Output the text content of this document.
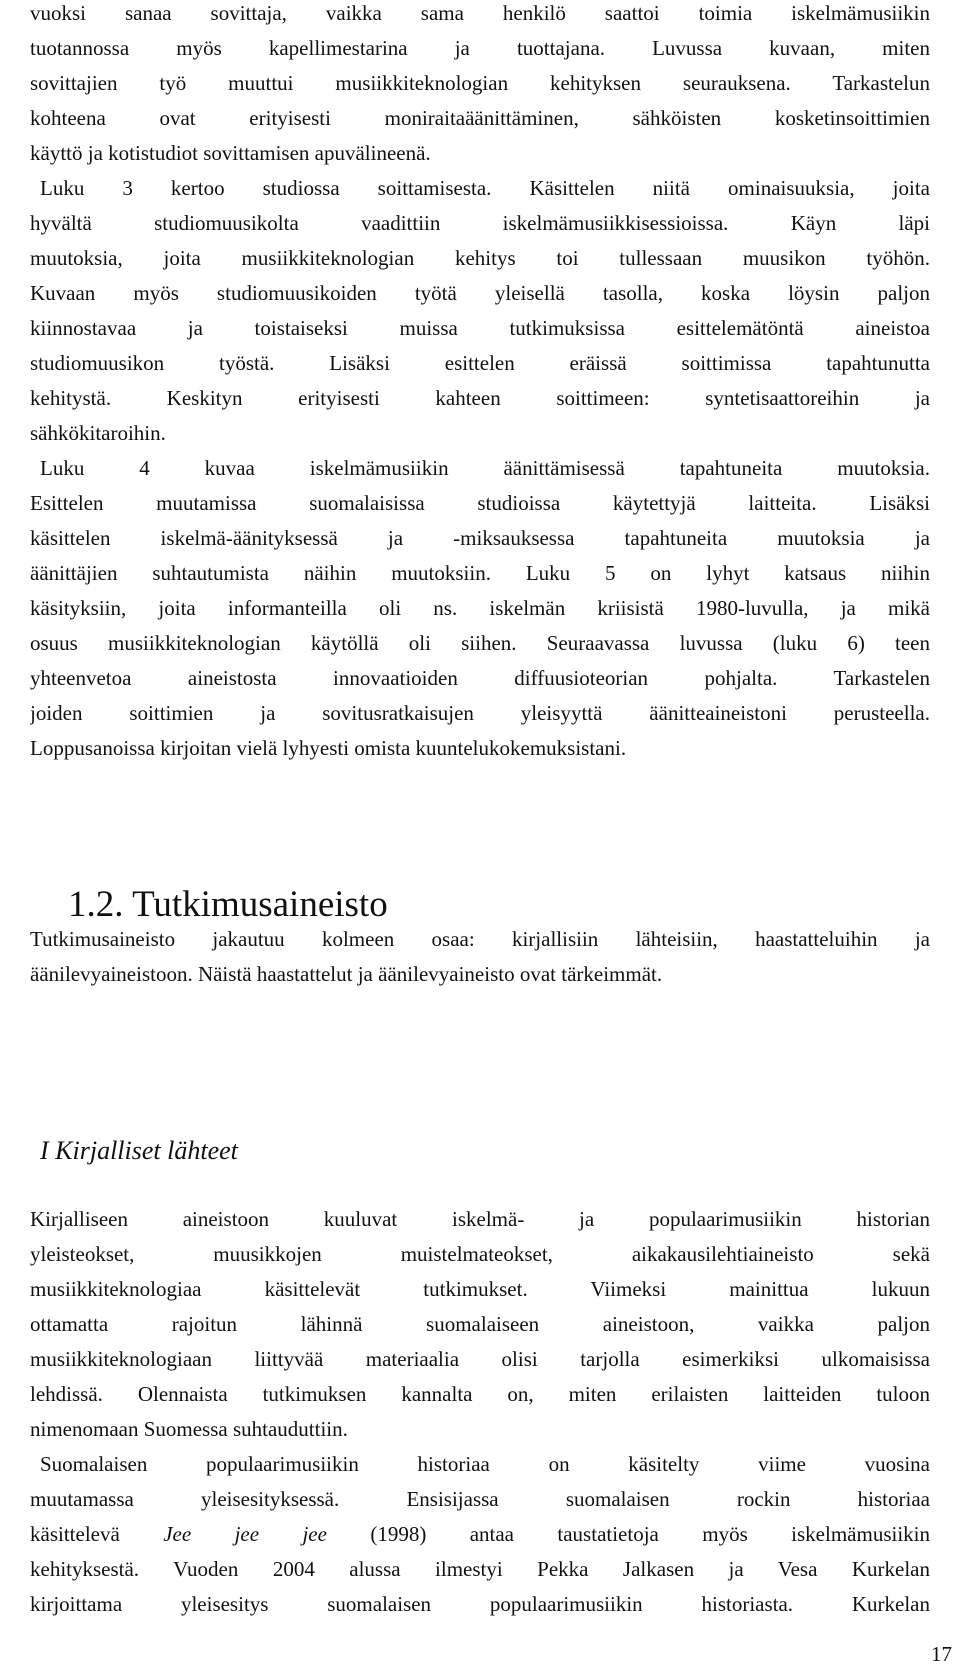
vuoksi sanaa sovittaja, vaikka sama henkilö saattoi toimia iskelmämusiikin
tuotannossa myös kapellimestarina ja tuottajana. Luvussa kuvaan, miten
sovittajien työ muuttui musiikkiteknologian kehityksen seurauksena. Tarkastelun
kohteena ovat erityisesti moniraitaäänittäminen, sähköisten kosketinsoittimien
käyttö ja kotistudiot sovittamisen apuvälineenä.
Luku 3 kertoo studiossa soittamisesta. Käsittelen niitä ominaisuuksia, joita
hyvältä studiomuusikolta vaadittiin iskelmämusiikkisessioissa. Käyn läpi
muutoksia, joita musiikkiteknologian kehitys toi tullessaan muusikon työhön.
Kuvaan myös studiomuusikoiden työtä yleisellä tasolla, koska löysin paljon
kiinnostavaa ja toistaiseksi muissa tutkimuksissa esittelemätöntä aineistoa
studiomuusikon työstä. Lisäksi esittelen eräissä soittimissa tapahtunutta
kehitystä. Keskityn erityisesti kahteen soittimeen: syntetisaattoreihin ja
sähkökitaroihin.
Luku 4 kuvaa iskelmämusiikin äänittämisessä tapahtuneita muutoksia.
Esittelen muutamissa suomalaisissa studioissa käytettyjä laitteita. Lisäksi
käsittelen iskelmä-äänityksessä ja -miksauksessa tapahtuneita muutoksia ja
äänittäjien suhtautumista näihin muutoksiin. Luku 5 on lyhyt katsaus niihin
käsityksiin, joita informanteilla oli ns. iskelmän kriisistä 1980-luvulla, ja mikä
osuus musiikkiteknologian käytöllä oli siihen. Seuraavassa luvussa (luku 6) teen
yhteenvetoa aineistosta innovaatioiden diffuusioteorian pohjalta. Tarkastelen
joiden soittimien ja sovitusratkaisujen yleisyyttä äänitteaineistoni perusteella.
Loppusanoissa kirjoitan vielä lyhyesti omista kuuntelukokemuksistani.
1.2. Tutkimusaineisto
Tutkimusaineisto jakautuu kolmeen osaa: kirjallisiin lähteisiin, haastatteluihin ja
äänilevyaineistoon. Näistä haastattelut ja äänilevyaineisto ovat tärkeimmät.
I Kirjalliset lähteet
Kirjalliseen aineistoon kuuluvat iskelmä- ja populaarimusiikin historian
yleisteokset, muusikkojen muistelmateokset, aikakausilehtiaineisto sekä
musiikkiteknologiaa käsittelevät tutkimukset. Viimeksi mainittua lukuun
ottamatta rajoitun lähinnä suomalaiseen aineistoon, vaikka paljon
musiikkiteknologiaan liittyvää materiaalia olisi tarjolla esimerkiksi ulkomaisissa
lehdissä. Olennaista tutkimuksen kannalta on, miten erilaisten laitteiden tuloon
nimenomaan Suomessa suhtauduttiin.
Suomalaisen populaarimusiikin historiaa on käsitelty viime vuosina
muutamassa yleisesityksessä. Ensisijassa suomalaisen rockin historiaa
käsittelevä Jee jee jee (1998) antaa taustatietoja myös iskelmämusiikin
kehityksestä. Vuoden 2004 alussa ilmestyi Pekka Jalkasen ja Vesa Kurkelan
kirjoittama yleisesitys suomalaisen populaarimusiikin historiasta. Kurkelan
17
